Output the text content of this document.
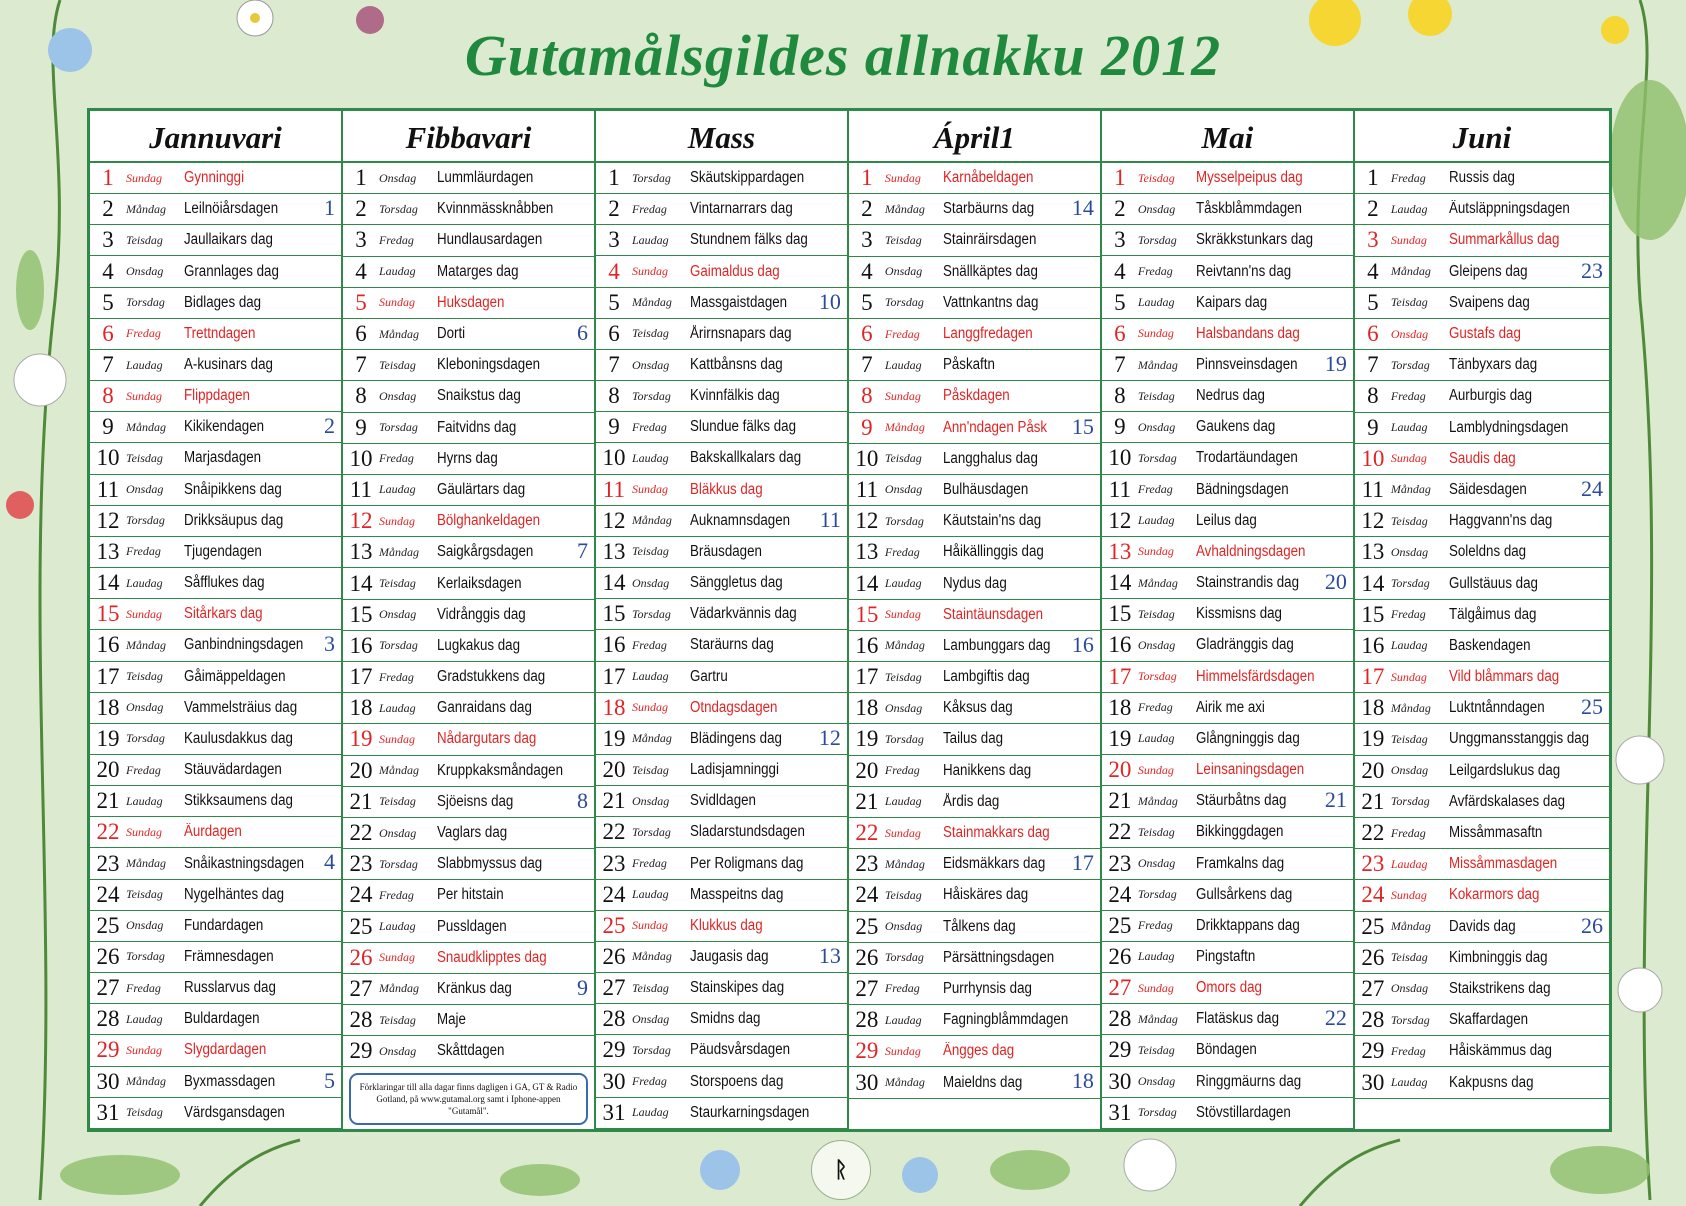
Gutamålsgildes allnakku 2012
Jannuvari
1	Sundag	Gynninggi
2	Måndag	Leilnöiårsdagen 1
3	Teisdag	Jaullaikars dag
4	Onsdag	Grannlages dag
5	Torsdag	Bidlages dag
6	Fredag	Trettndagen
7	Laudag	A-kusinars dag
8	Sundag	Flippdagen
9	Måndag	Kikikendagen	2
10 Teisdag	Marjasdagen
11 Onsdag	Snåipikkens dag
12 Torsdag	Drikksäupus dag
13 Fredag	Tjugendagen
14 Laudag	Såfflukes dag
15 Sundag	Sitårkars dag
16 Måndag	Ganbindningsdagen 3
17 Teisdag	Gåimäppeldagen
18 Onsdag	Vammelsträius dag
19 Torsdag	Kaulusdakkus dag
20 Fredag	Stäuvädardagen
21 Laudag	Stikksaumens dag
22 Sundag	Äurdagen
23 Måndag	Snåikastningsdagen 4
24 Teisdag	Nygelhäntes dag
25 Onsdag	Fundardagen
26 Torsdag	Främnesdagen
27 Fredag	Russlarvus dag
28 Laudag	Buldardagen
29 Sundag	Slygdardagen
30 Måndag	Byxmassdagen 5
31 Teisdag	Värdsgansdagen
Fibbavari
1	Onsdag	Lummläurdagen
2	Torsdag	Kvinnmässknåbben
3	Fredag	Hundlausardagen
4	Laudag	Matarges dag
5	Sundag	Huksdagen
6	Måndag	Dorti	6
7	Teisdag	Kleboningsdagen
8	Onsdag	Snaikstus dag
9	Torsdag	Faitvidns dag
10 Fredag	Hyrns dag
11 Laudag	Gäulärtars dag
12 Sundag	Bölghankeldagen
13 Måndag	Saigkårgsdagen 7
14 Teisdag	Kerlaiksdagen
15 Onsdag	Vidrånggis dag
16 Torsdag	Lugkakus dag
17 Fredag	Gradstukkens dag
18 Laudag	Ganraidans dag
19 Sundag	Nådargutars dag
20 Måndag	Kruppkaksmåndagen
21 Teisdag	Sjöeisns dag	8
22 Onsdag	Vaglars dag
23 Torsdag	Slabbmyssus dag
24 Fredag	Per hitstain
25 Laudag	Pussldagen
26 Sundag	Snaudklipptes dag
27 Måndag	Kränkus dag	9
28 Teisdag	Maje
29 Onsdag	Skåttdagen
Förklaringar till alla dagar finns dagligen i GA, GT & Radio Gotland, på www.gutamal.org samt i Iphone-appen "Gutamål".
Mass
1	Torsdag	Skäutskippardagen
2	Fredag	Vintarnarrars dag
3	Laudag	Stundnem fälks dag
4	Sundag	Gaimaldus dag
5	Måndag	Massgaistdagen 10
6	Teisdag	Årirnsnapars dag
7	Onsdag	Kattbånsns dag
8	Torsdag	Kvinnfälkis dag
9	Fredag	Slundue fälks dag
10 Laudag	Bakskallkalars dag
11 Sundag	Bläkkus dag
12 Måndag	Auknamnsdagen 11
13 Teisdag	Bräusdagen
14 Onsdag	Sänggletus dag
15 Torsdag	Vädarkvännis dag
16 Fredag	Staräurns dag
17 Laudag	Gartru
18 Sundag	Otndagsdagen
19 Måndag	Blädingens dag 12
20 Teisdag	Ladisjamninggi
21 Onsdag	Svidldagen
22 Torsdag	Sladarstundsdagen
23 Fredag	Per Roligmans dag
24 Laudag	Masspeitns dag
25 Sundag	Klukkus dag
26 Måndag	Jaugasis dag 13
27 Teisdag	Stainskipes dag
28 Onsdag	Smidns dag
29 Torsdag	Päudsvårsdagen
30 Fredag	Storspoens dag
31 Laudag	Staurkarningsdagen
Ápril1
1	Sundag	Karnåbeldagen
2	Måndag	Starbäurns dag 14
3	Teisdag	Stainräirsdagen
4	Onsdag	Snällkäptes dag
5	Torsdag	Vattnkantns dag
6	Fredag	Langgfredagen
7	Laudag	Påskaftn
8	Sundag	Påskdagen
9	Måndag	Ann'ndagen Påsk 15
10 Teisdag	Langghalus dag
11 Onsdag	Bulhäusdagen
12 Torsdag	Käutstain'ns dag
13 Fredag	Håikällinggis dag
14 Laudag	Nydus dag
15 Sundag	Staintäunsdagen
16 Måndag	Lambunggars dag 16
17 Teisdag	Lambgiftis dag
18 Onsdag	Kåksus dag
19 Torsdag	Tailus dag
20 Fredag	Hanikkens dag
21 Laudag	Årdis dag
22 Sundag	Stainmakkars dag
23 Måndag	Eidsmäkkars dag 17
24 Teisdag	Håiskäres dag
25 Onsdag	Tålkens dag
26 Torsdag	Pärsättningsdagen
27 Fredag	Purrhynsis dag
28 Laudag	Fagningblåmmdagen
29 Sundag	Ängges dag
30 Måndag	Maieldns dag 18
Mai
1	Teisdag	Mysselpeipus dag
2	Onsdag	Tåskblåmmdagen
3	Torsdag	Skräkkstunkars dag
4	Fredag	Reivtann'ns dag
5	Laudag	Kaipars dag
6	Sundag	Halsbandans dag
7	Måndag	Pinnsveinsdagen 19
8	Teisdag	Nedrus dag
9	Onsdag	Gaukens dag
10 Torsdag	Trodartäundagen
11 Fredag	Bädningsdagen
12 Laudag	Leilus dag
13 Sundag	Avhaldningsdagen
14 Måndag	Stainstrandis dag 20
15 Teisdag	Kissmisns dag
16 Onsdag	Gladränggis dag
17 Torsdag	Himmelsfärdsdagen
18 Fredag	Airik me axi
19 Laudag	Glångninggis dag
20 Sundag	Leinsaningsdagen
21 Måndag	Stäurbåtns dag 21
22 Teisdag	Bikkinggdagen
23 Onsdag	Framkalns dag
24 Torsdag	Gullsårkens dag
25 Fredag	Drikktappans dag
26 Laudag	Pingstaftn
27 Sundag	Omors dag
28 Måndag	Flatäskus dag 22
29 Teisdag	Böndagen
30 Onsdag	Ringgmäurns dag
31 Torsdag	Stövstillardagen
Juni
1	Fredag	Russis dag
2	Laudag	Äutsläppningsdagen
3	Sundag	Summarkållus dag
4	Måndag	Gleipens dag 23
5	Teisdag	Svaipens dag
6	Onsdag	Gustafs dag
7	Torsdag	Tänbyxars dag
8	Fredag	Aurburgis dag
9	Laudag	Lamblydningsdagen
10 Sundag	Saudis dag
11 Måndag	Säidesdagen 24
12 Teisdag	Haggvann'ns dag
13 Onsdag	Soleldns dag
14 Torsdag	Gullstäuus dag
15 Fredag	Tälgåimus dag
16 Laudag	Baskendagen
17 Sundag	Vild blåmmars dag
18 Måndag	Luktntånndagen 25
19 Teisdag	Unggmansstanggis dag
20 Onsdag	Leilgardslukus dag
21 Torsdag	Avfärdskalases dag
22 Fredag	Missåmmasaftn
23 Laudag	Missåmmasdagen
24 Sundag	Kokarmors dag
25 Måndag	Davids dag	26
26 Teisdag	Kimbninggis dag
27 Onsdag	Staikstrikens dag
28 Torsdag	Skaffardagen
29 Fredag	Håiskämmus dag
30 Laudag	Kakpusns dag
ᚱ
